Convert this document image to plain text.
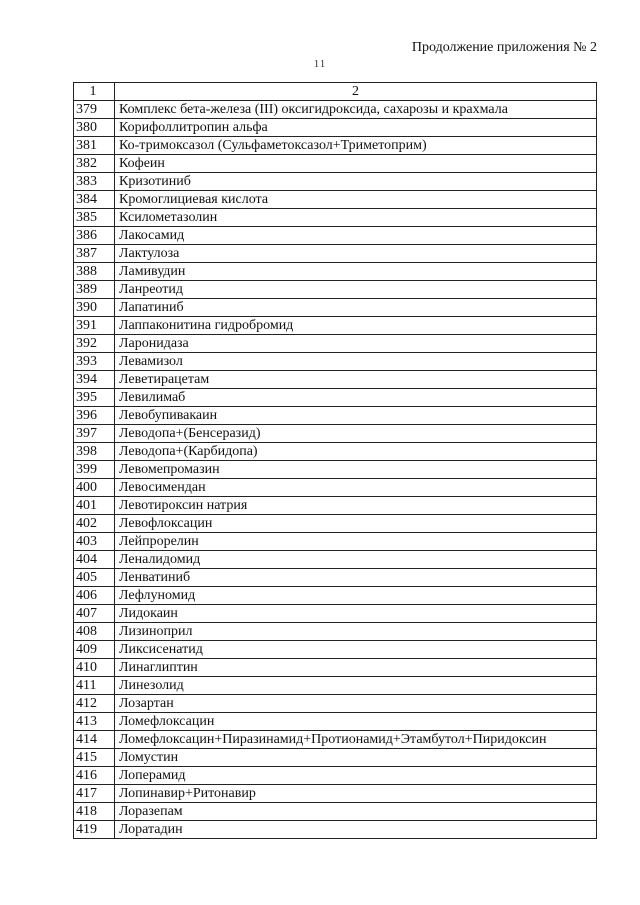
Продолжение приложения № 2
11
1	2
379	Комплекс бета-железа (III) оксигидроксида, сахарозы и крахмала
380	Корифоллитропин альфа
381	Ко-тримоксазол (Сульфаметоксазол+Триметоприм)
382	Кофеин
383	Кризотиниб
384	Кромоглициевая кислота
385	Ксилометазолин
386	Лакосамид
387	Лактулоза
388	Ламивудин
389	Ланреотид
390	Лапатиниб
391	Лаппаконитина гидробромид
392	Ларонидаза
393	Левамизол
394	Леветирацетам
395	Левилимаб
396	Левобупивакаин
397	Леводопа+(Бенсеразид)
398	Леводопа+(Карбидопа)
399	Левомепромазин
400	Левосимендан
401	Левотироксин натрия
402	Левофлоксацин
403	Лейпрорелин
404	Леналидомид
405	Ленватиниб
406	Лефлуномид
407	Лидокаин
408	Лизиноприл
409	Ликсисенатид
410	Линаглиптин
411	Линезолид
412	Лозартан
413	Ломефлоксацин
414	Ломефлоксацин+Пиразинамид+Протионамид+Этамбутол+Пиридоксин
415	Ломустин
416	Лоперамид
417	Лопинавир+Ритонавир
418	Лоразепам
419	Лоратадин
